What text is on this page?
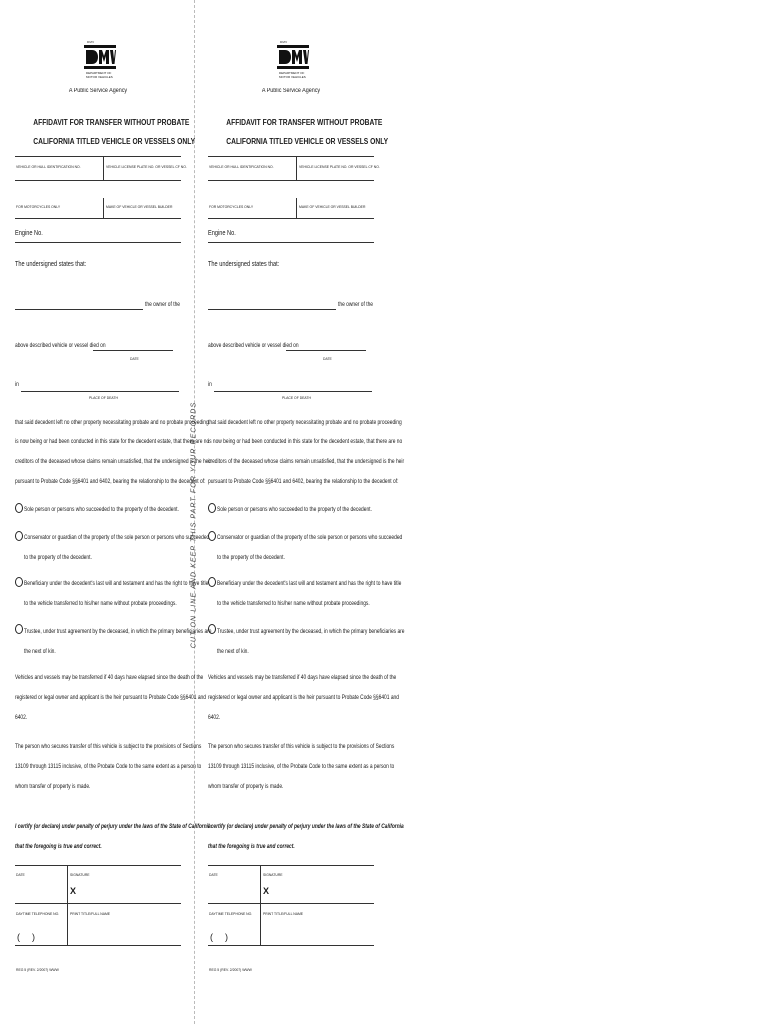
CUT ON LINE AND KEEP THIS PART FOR YOUR RECORDS
DMV
DEPARTMENT OF MOTOR VEHICLES
A Public Service Agency
AFFIDAVIT FOR TRANSFER WITHOUT PROBATE
CALIFORNIA TITLED VEHICLE OR VESSELS ONLY
VEHICLE OR HULL IDENTIFICATION NO.	VEHICLE LICENSE PLATE NO. OR VESSEL CF NO.
FOR MOTORCYCLES ONLY	MAKE OF VEHICLE OR VESSEL BUILDER
Engine No.
The undersigned states that:
the owner of the
above described vehicle or vessel died on
DATE
in
PLACE OF DEATH
that said decedent left no other property necessitating probate and no probate proceeding
is now being or had been conducted in this state for the decedent estate, that there are no
creditors of the deceased whose claims remain unsatisfied, that the undersigned is the heir
pursuant to Probate Code §§6401 and 6402, bearing the relationship to the decedent of:
Sole person or persons who succeeded to the property of the decedent.
Conservator or guardian of the property of the sole person or persons who succeeded
to the property of the decedent.
Beneficiary under the decedent's last will and testament and has the right to have title
to the vehicle transferred to his/her name without probate proceedings.
Trustee, under trust agreement by the deceased, in which the primary beneficiaries are
the next of kin.
Vehicles and vessels may be transferred if 40 days have elapsed since the death of the
registered or legal owner and applicant is the heir pursuant to Probate Code §§6401 and
6402.
The person who secures transfer of this vehicle is subject to the provisions of Sections
13109 through 13115 inclusive, of the Probate Code to the same extent as a person to
whom transfer of property is made.
I certify (or declare) under penalty of perjury under the laws of the State of California
that the foregoing is true and correct.
DATE	SIGNATURE
X
DAYTIME TELEPHONE NO.	PRINT TITLE/FULL NAME
( )
REG 5 (REV. 2/2007) WWW
DMV
DEPARTMENT OF MOTOR VEHICLES
A Public Service Agency
AFFIDAVIT FOR TRANSFER WITHOUT PROBATE
CALIFORNIA TITLED VEHICLE OR VESSELS ONLY
VEHICLE OR HULL IDENTIFICATION NO.	VEHICLE LICENSE PLATE NO. OR VESSEL CF NO.
FOR MOTORCYCLES ONLY	MAKE OF VEHICLE OR VESSEL BUILDER
Engine No.
The undersigned states that:
the owner of the
above described vehicle or vessel died on
DATE
in
PLACE OF DEATH
that said decedent left no other property necessitating probate and no probate proceeding
is now being or had been conducted in this state for the decedent estate, that there are no
creditors of the deceased whose claims remain unsatisfied, that the undersigned is the heir
pursuant to Probate Code §§6401 and 6402, bearing the relationship to the decedent of:
Sole person or persons who succeeded to the property of the decedent.
Conservator or guardian of the property of the sole person or persons who succeeded
to the property of the decedent.
Beneficiary under the decedent's last will and testament and has the right to have title
to the vehicle transferred to his/her name without probate proceedings.
Trustee, under trust agreement by the deceased, in which the primary beneficiaries are
the next of kin.
Vehicles and vessels may be transferred if 40 days have elapsed since the death of the
registered or legal owner and applicant is the heir pursuant to Probate Code §§6401 and
6402.
The person who secures transfer of this vehicle is subject to the provisions of Sections
13109 through 13115 inclusive, of the Probate Code to the same extent as a person to
whom transfer of property is made.
I certify (or declare) under penalty of perjury under the laws of the State of California
that the foregoing is true and correct.
DATE	SIGNATURE
X
DAYTIME TELEPHONE NO.	PRINT TITLE/FULL NAME
( )
REG 5 (REV. 2/2007) WWW
